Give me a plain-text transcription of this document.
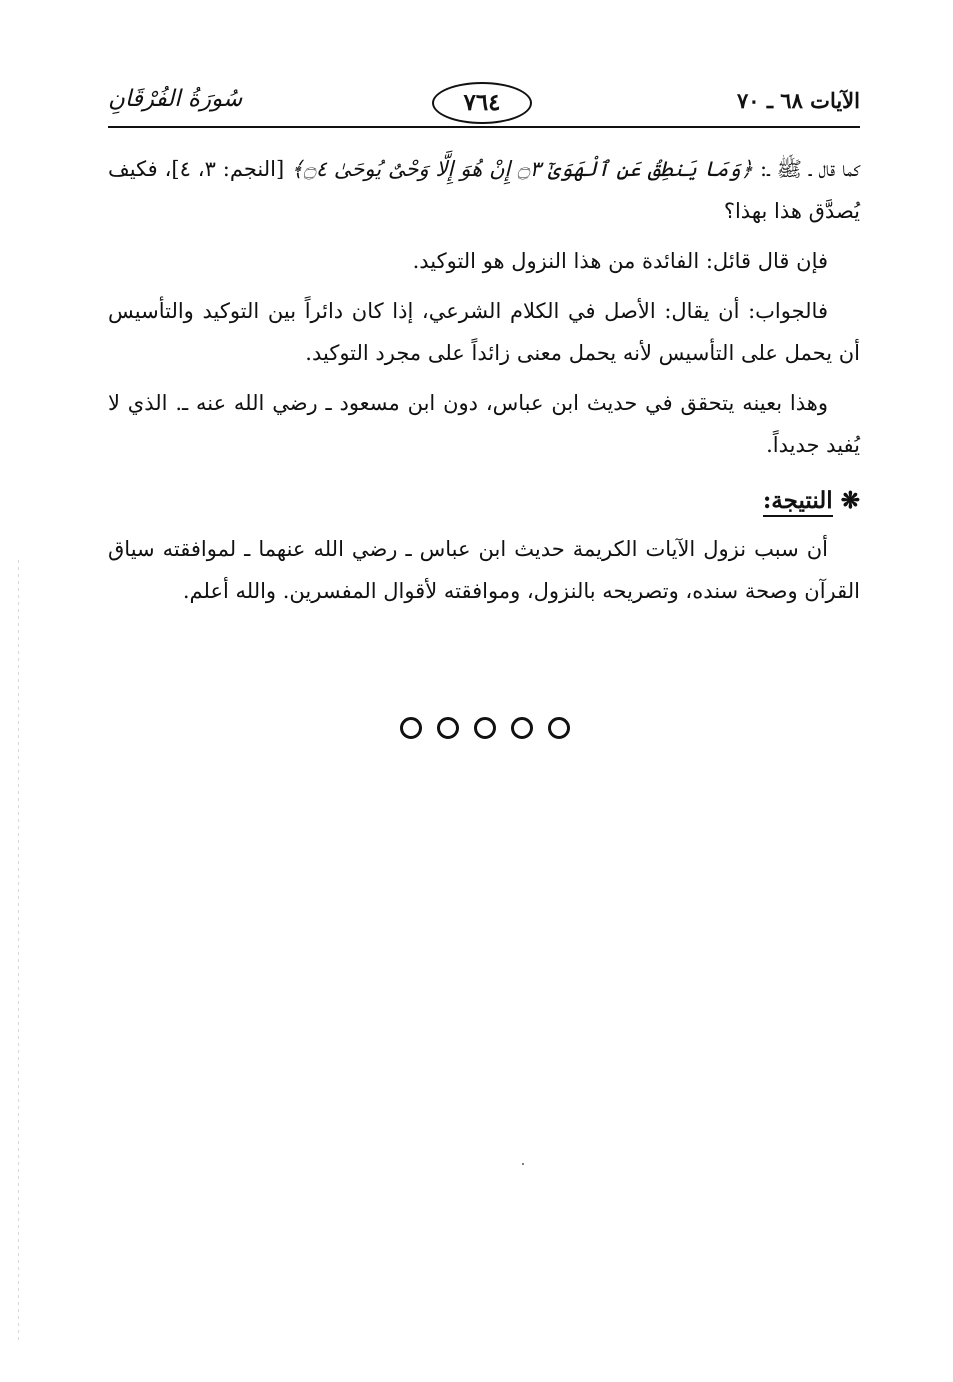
الآيات ٦٨ ـ ٧٠
٧٦٤
سُورَةُ الفُرْقَانِ

كما قال ـ ﷺ ـ: ﴿وَمَا يَنطِقُ عَنِ ٱلْهَوَىٰٓ ۝٣ إِنْ هُوَ إِلَّا وَحْىٌ يُوحَىٰ ۝٤﴾ [النجم: ٣، ٤]، فكيف يُصدَّق هذا بهذا؟

فإن قال قائل: الفائدة من هذا النزول هو التوكيد.

فالجواب: أن يقال: الأصل في الكلام الشرعي، إذا كان دائراً بين التوكيد والتأسيس أن يحمل على التأسيس لأنه يحمل معنى زائداً على مجرد التوكيد.

وهذا بعينه يتحقق في حديث ابن عباس، دون ابن مسعود ـ رضي الله عنه ـ. الذي لا يُفيد جديداً.

❋ النتيجة:

أن سبب نزول الآيات الكريمة حديث ابن عباس ـ رضي الله عنهما ـ لموافقته سياق القرآن وصحة سنده، وتصريحه بالنزول، وموافقته لأقوال المفسرين. والله أعلم.
